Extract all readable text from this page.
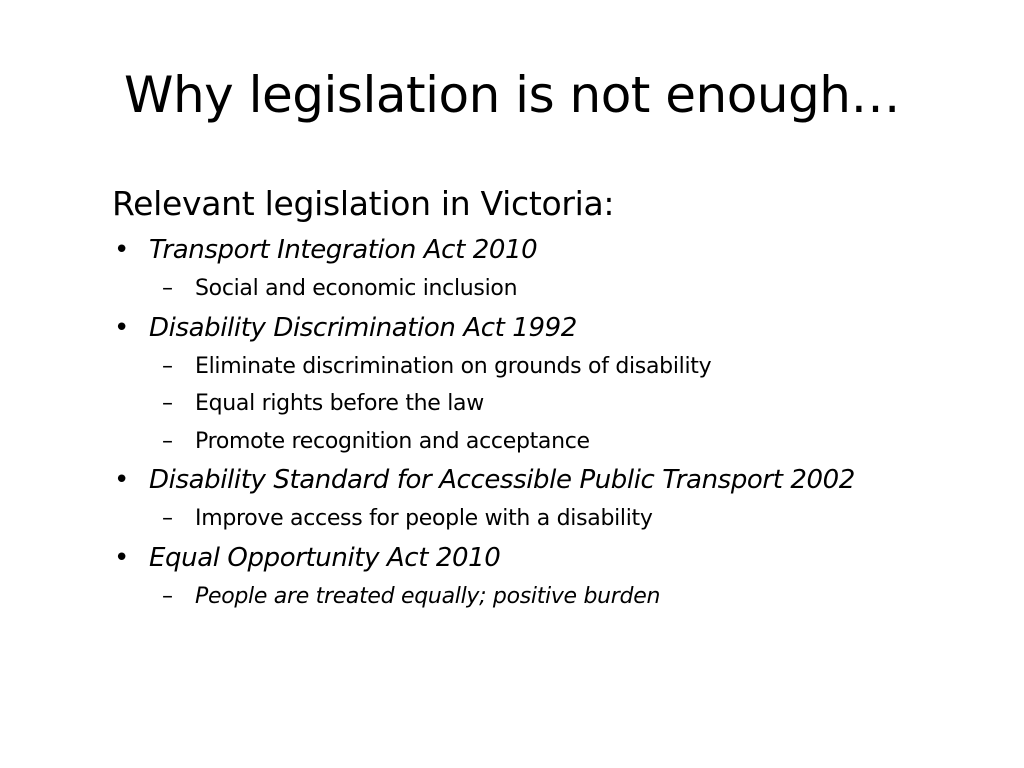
Why legislation is not enough…

Relevant legislation in Victoria:

• Transport Integration Act 2010
– Social and economic inclusion
• Disability Discrimination Act 1992
– Eliminate discrimination on grounds of disability
– Equal rights before the law
– Promote recognition and acceptance
• Disability Standard for Accessible Public Transport 2002
– Improve access for people with a disability
• Equal Opportunity Act 2010
– People are treated equally; positive burden
